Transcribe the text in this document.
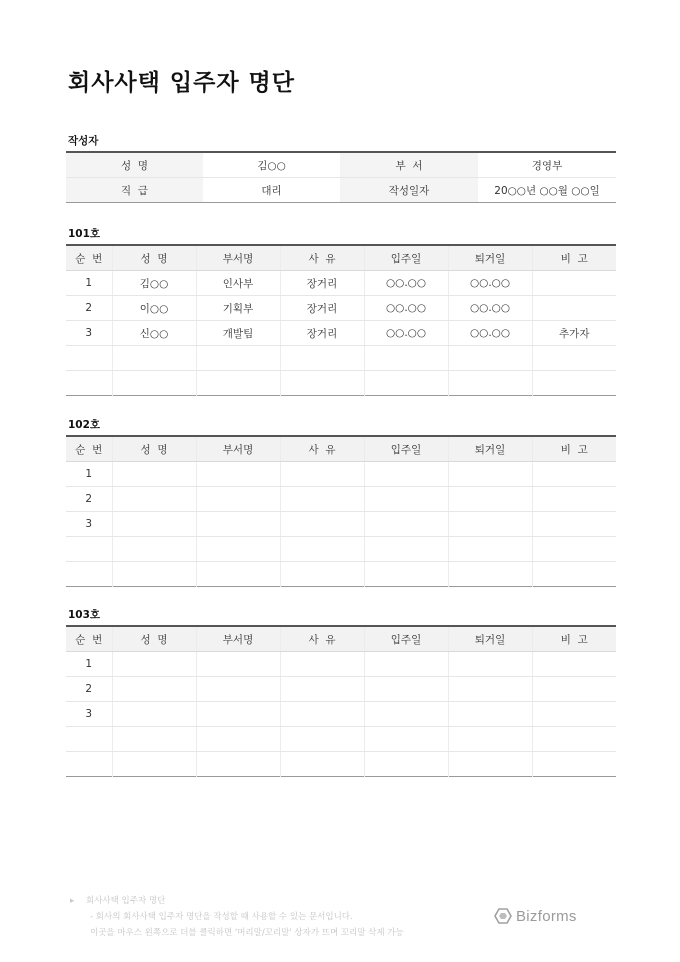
회사사택 입주자 명단
작성자
성  명	김○○	부  서	경영부
직  급	대리	작성일자	20○○년 ○○월 ○○일
101호
순  번	성  명	부서명	사  유	입주일	퇴거일	비  고
1	김○○	인사부	장거리	○○.○○	○○.○○	
2	이○○	기획부	장거리	○○.○○	○○.○○	
3	신○○	개발팀	장거리	○○.○○	○○.○○	추가자

102호
순  번	성  명	부서명	사  유	입주일	퇴거일	비  고
1						
2						
3						

103호
순  번	성  명	부서명	사  유	입주일	퇴거일	비  고
1						
2						
3						

▸ 회사사택 입주자 명단
- 회사의 회사사택 입주자 명단을 작성할 때 사용할 수 있는 문서입니다.
이곳을 마우스 왼쪽으로 더블 클릭하면 '머리말/꼬리말' 상자가 뜨며 꼬리말 삭제 가능
Bizforms
